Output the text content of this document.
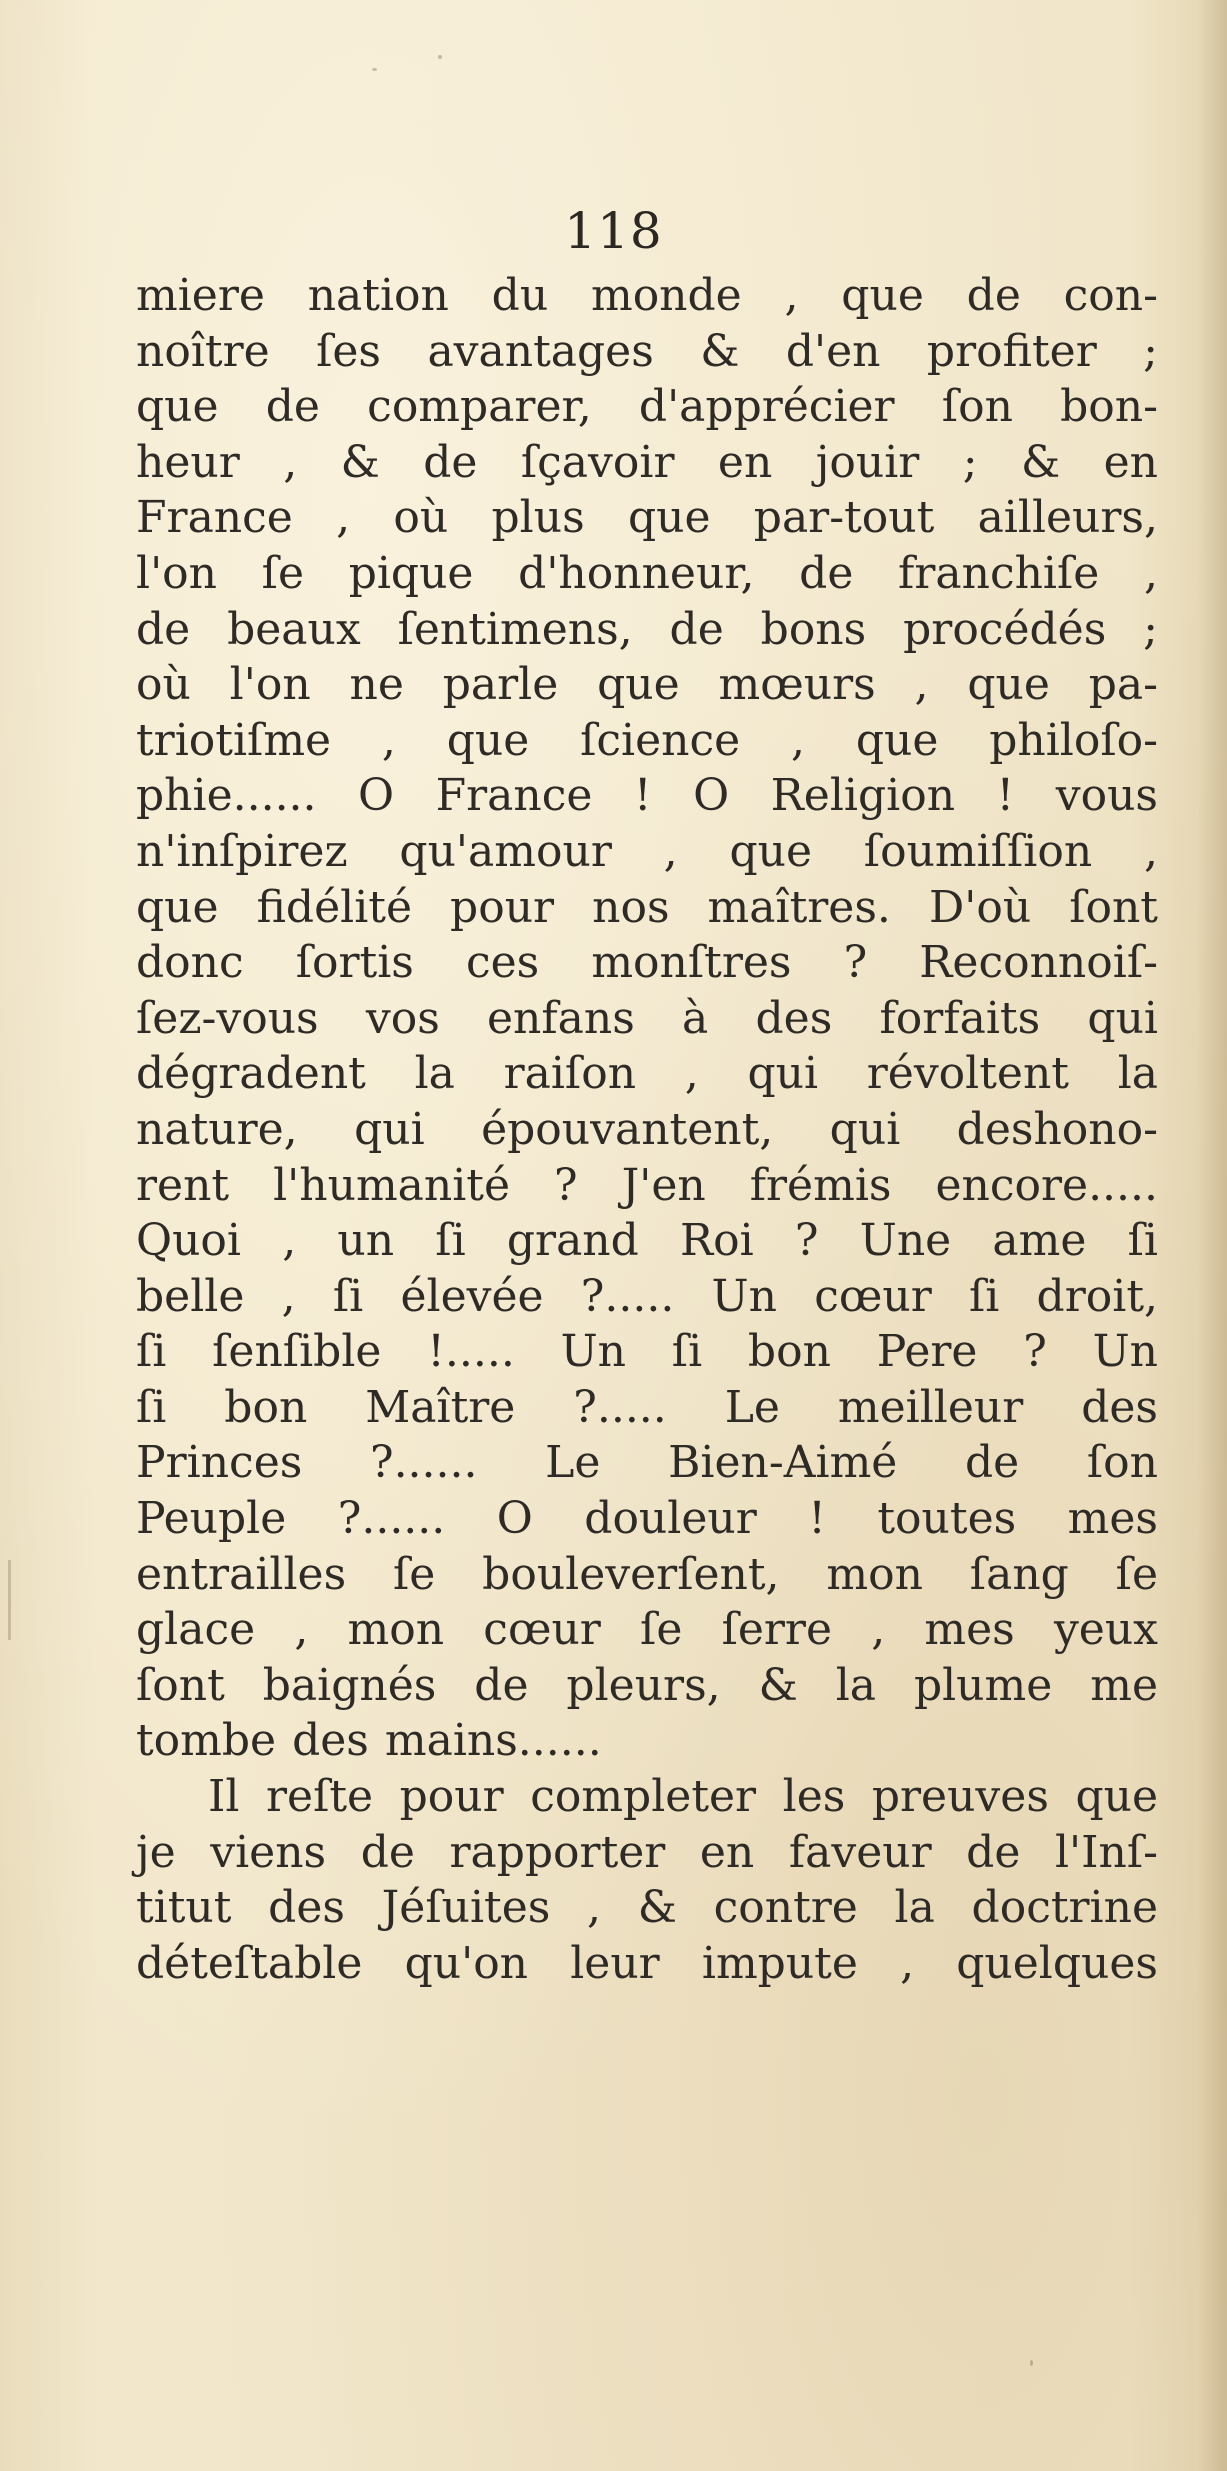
118
miere nation du monde , que de con-
noître ſes avantages & d'en profiter ;
que de comparer, d'apprécier ſon bon-
heur , & de ſçavoir en jouir ; & en
France , où plus que par-tout ailleurs,
l'on ſe pique d'honneur, de franchiſe ,
de beaux ſentimens, de bons procédés ;
où l'on ne parle que mœurs , que pa-
triotiſme , que ſcience , que philoſo-
phie...... O France ! O Religion ! vous
n'inſpirez qu'amour , que ſoumiſſion ,
que fidélité pour nos maîtres. D'où ſont
donc ſortis ces monſtres ? Reconnoiſ-
ſez-vous vos enfans à des forfaits qui
dégradent la raiſon , qui révoltent la
nature, qui épouvantent, qui deshono-
rent l'humanité ? J'en frémis encore.....
Quoi , un ſi grand Roi ? Une ame ſi
belle , ſi élevée ?..... Un cœur ſi droit,
ſi ſenſible !..... Un ſi bon Pere ? Un
ſi bon Maître ?..... Le meilleur des
Princes ?...... Le Bien-Aimé de ſon
Peuple ?...... O douleur ! toutes mes
entrailles ſe bouleverſent, mon ſang ſe
glace , mon cœur ſe ſerre , mes yeux
ſont baignés de pleurs, & la plume me
tombe des mains......
Il reſte pour completer les preuves que
je viens de rapporter en faveur de l'Inſ-
titut des Jéſuites , & contre la doctrine
déteſtable qu'on leur impute , quelques
